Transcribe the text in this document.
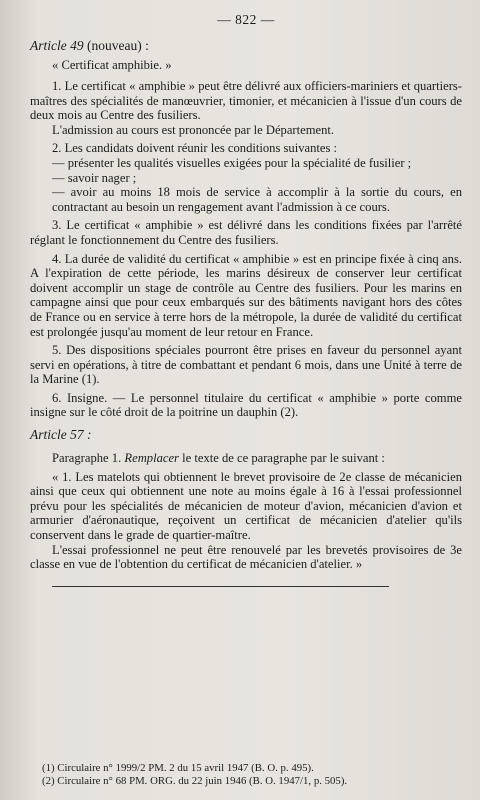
— 822 —
Article 49 (nouveau) :
« Certificat amphibie. »

1. Le certificat « amphibie » peut être délivré aux officiers-mariniers et quartiers-maîtres des spécialités de manœuvrier, timonier, et mécanicien à l'issue d'un cours de deux mois au Centre des fusiliers.

L'admission au cours est prononcée par le Département.

2. Les candidats doivent réunir les conditions suivantes :

— présenter les qualités visuelles exigées pour la spécialité de fusilier ;

— savoir nager ;

— avoir au moins 18 mois de service à accomplir à la sortie du cours, en contractant au besoin un rengagement avant l'admission à ce cours.

3. Le certificat « amphibie » est délivré dans les conditions fixées par l'arrêté réglant le fonctionnement du Centre des fusiliers.

4. La durée de validité du certificat « amphibie » est en principe fixée à cinq ans. A l'expiration de cette période, les marins désireux de conserver leur certificat doivent accomplir un stage de contrôle au Centre des fusiliers. Pour les marins en campagne ainsi que pour ceux embarqués sur des bâtiments navigant hors des côtes de France ou en service à terre hors de la métropole, la durée de validité du certificat est prolongée jusqu'au moment de leur retour en France.

5. Des dispositions spéciales pourront être prises en faveur du personnel ayant servi en opérations, à titre de combattant et pendant 6 mois, dans une Unité à terre de la Marine (1).

6. Insigne. — Le personnel titulaire du certificat « amphibie » porte comme insigne sur le côté droit de la poitrine un dauphin (2).

Article 57 :

Paragraphe 1. Remplacer le texte de ce paragraphe par le suivant :

« 1. Les matelots qui obtiennent le brevet provisoire de 2e classe de mécanicien ainsi que ceux qui obtiennent une note au moins égale à 16 à l'essai professionnel prévu pour les spécialités de mécanicien de moteur d'avion, mécanicien d'avion et armurier d'aéronautique, reçoivent un certificat de mécanicien d'atelier qu'ils conservent dans le grade de quartier-maître.

L'essai professionnel ne peut être renouvelé par les brevetés provisoires de 3e classe en vue de l'obtention du certificat de mécanicien d'atelier. »

(1) Circulaire n° 1999/2 PM. 2 du 15 avril 1947 (B. O. p. 495).

(2) Circulaire n° 68 PM. ORG. du 22 juin 1946 (B. O. 1947/1, p. 505).
